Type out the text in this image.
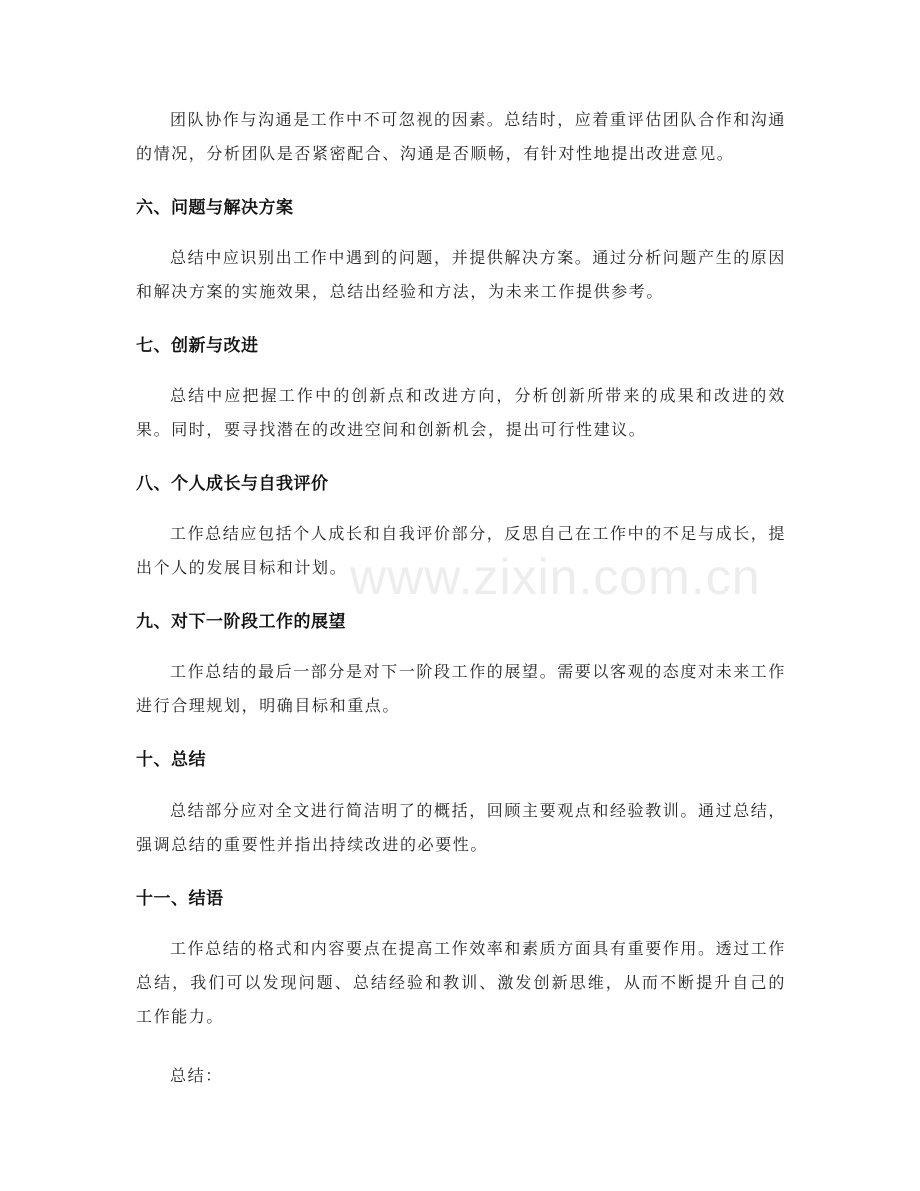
团队协作与沟通是工作中不可忽视的因素。总结时，应着重评估团队合作和沟通的情况，分析团队是否紧密配合、沟通是否顺畅，有针对性地提出改进意见。

六、问题与解决方案

总结中应识别出工作中遇到的问题，并提供解决方案。通过分析问题产生的原因和解决方案的实施效果，总结出经验和方法，为未来工作提供参考。

七、创新与改进

总结中应把握工作中的创新点和改进方向，分析创新所带来的成果和改进的效果。同时，要寻找潜在的改进空间和创新机会，提出可行性建议。

八、个人成长与自我评价

工作总结应包括个人成长和自我评价部分，反思自己在工作中的不足与成长，提出个人的发展目标和计划。

九、对下一阶段工作的展望

工作总结的最后一部分是对下一阶段工作的展望。需要以客观的态度对未来工作进行合理规划，明确目标和重点。

十、总结

总结部分应对全文进行简洁明了的概括，回顾主要观点和经验教训。通过总结，强调总结的重要性并指出持续改进的必要性。

十一、结语

工作总结的格式和内容要点在提高工作效率和素质方面具有重要作用。透过工作总结，我们可以发现问题、总结经验和教训、激发创新思维，从而不断提升自己的工作能力。

总结：

www.zixin.com.cn
